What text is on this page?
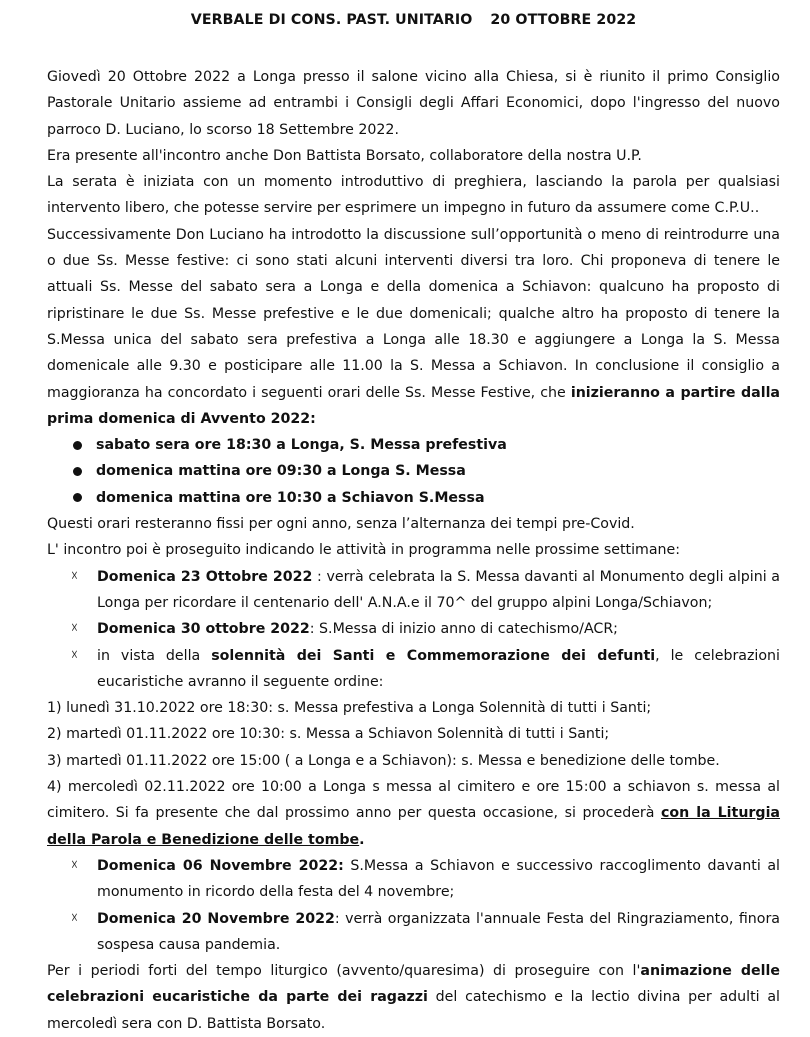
VERBALE DI CONS. PAST. UNITARIO 20 OTTOBRE 2022

Giovedì 20 Ottobre 2022 a Longa presso il salone vicino alla Chiesa, si è riunito il primo Consiglio Pastorale Unitario assieme ad entrambi i Consigli degli Affari Economici, dopo l'ingresso del nuovo parroco D. Luciano, lo scorso 18 Settembre 2022.

Era presente all'incontro anche Don Battista Borsato, collaboratore della nostra U.P.

La serata è iniziata con un momento introduttivo di preghiera, lasciando la parola per qualsiasi intervento libero, che potesse servire per esprimere un impegno in futuro da assumere come C.P.U..

Successivamente Don Luciano ha introdotto la discussione sull’opportunità o meno di reintrodurre una o due Ss. Messe festive: ci sono stati alcuni interventi diversi tra loro. Chi proponeva di tenere le attuali Ss. Messe del sabato sera a Longa e della domenica a Schiavon: qualcuno ha proposto di ripristinare le due Ss. Messe prefestive e le due domenicali; qualche altro ha proposto di tenere la S.Messa unica del sabato sera prefestiva a Longa alle 18.30 e aggiungere a Longa la S. Messa domenicale alle 9.30 e posticipare alle 11.00 la S. Messa a Schiavon. In conclusione il consiglio a maggioranza ha concordato i seguenti orari delle Ss. Messe Festive, che inizieranno a partire dalla prima domenica di Avvento 2022:

sabato sera ore 18:30 a Longa, S. Messa prefestiva
domenica mattina ore 09:30 a Longa S. Messa
domenica mattina ore 10:30 a Schiavon S.Messa

Questi orari resteranno fissi per ogni anno, senza l’alternanza dei tempi pre-Covid.

L' incontro poi è proseguito indicando le attività in programma nelle prossime settimane:

☓ Domenica 23 Ottobre 2022 : verrà celebrata la S. Messa davanti al Monumento degli alpini a Longa per ricordare il centenario dell' A.N.A.e il 70^ del gruppo alpini Longa/Schiavon;
☓ Domenica 30 ottobre 2022: S.Messa di inizio anno di catechismo/ACR;
☓ in vista della solennità dei Santi e Commemorazione dei defunti, le celebrazioni eucaristiche avranno il seguente ordine:

1) lunedì 31.10.2022 ore 18:30: s. Messa prefestiva a Longa Solennità di tutti i Santi;

2) martedì 01.11.2022 ore 10:30: s. Messa a Schiavon Solennità di tutti i Santi;

3) martedì 01.11.2022 ore 15:00 ( a Longa e a Schiavon): s. Messa e benedizione delle tombe.

4) mercoledì 02.11.2022 ore 10:00 a Longa s messa al cimitero e ore 15:00 a schiavon s. messa al cimitero. Si fa presente che dal prossimo anno per questa occasione, si procederà con la Liturgia della Parola e Benedizione delle tombe.

☓ Domenica 06 Novembre 2022: S.Messa a Schiavon e successivo raccoglimento davanti al monumento in ricordo della festa del 4 novembre;
☓ Domenica 20 Novembre 2022: verrà organizzata l'annuale Festa del Ringraziamento, finora sospesa causa pandemia.

Per i periodi forti del tempo liturgico (avvento/quaresima) di proseguire con l'animazione delle celebrazioni eucaristiche da parte dei ragazzi del catechismo e la lectio divina per adulti al mercoledì sera con D. Battista Borsato.
